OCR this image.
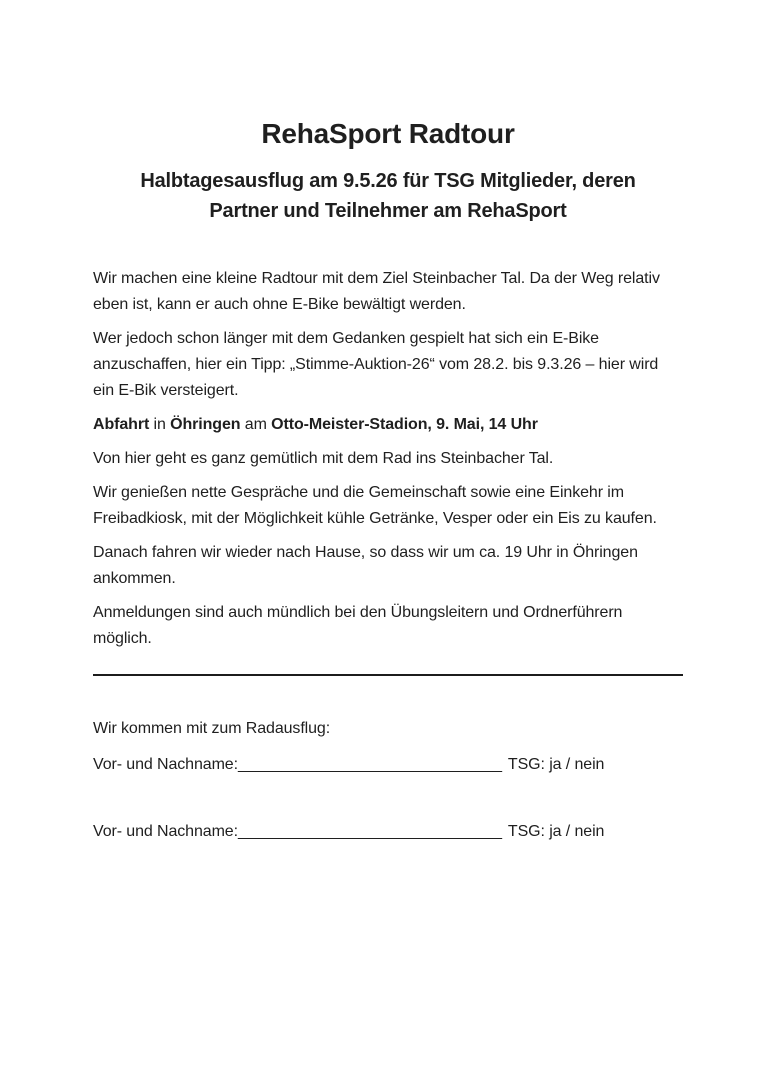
RehaSport Radtour
Halbtagesausflug am 9.5.26 für TSG Mitglieder, deren
Partner und Teilnehmer am RehaSport

Wir machen eine kleine Radtour mit dem Ziel Steinbacher Tal. Da der Weg relativ eben ist, kann er auch ohne E-Bike bewältigt werden.

Wer jedoch schon länger mit dem Gedanken gespielt hat sich ein E-Bike anzuschaffen, hier ein Tipp: „Stimme-Auktion-26“ vom 28.2. bis 9.3.26 – hier wird ein E-Bik versteigert.

Abfahrt in Öhringen am Otto-Meister-Stadion, 9. Mai, 14 Uhr

Von hier geht es ganz gemütlich mit dem Rad ins Steinbacher Tal.

Wir genießen nette Gespräche und die Gemeinschaft sowie eine Einkehr im Freibadkiosk, mit der Möglichkeit kühle Getränke, Vesper oder ein Eis zu kaufen.

Danach fahren wir wieder nach Hause, so dass wir um ca. 19 Uhr in Öhringen ankommen.

Anmeldungen sind auch mündlich bei den Übungsleitern und Ordnerführern möglich.

Wir kommen mit zum Radausflug:

Vor- und Nachname:______________________________ TSG: ja / nein
Vor- und Nachname:______________________________ TSG: ja / nein
